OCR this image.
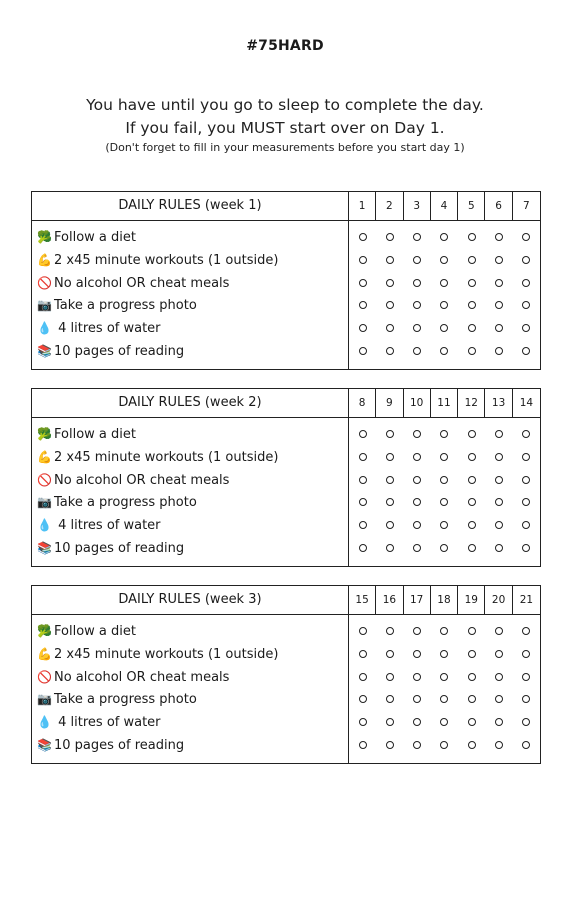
#75HARD
You have until you go to sleep to complete the day.
If you fail, you MUST start over on Day 1.
(Don't forget to fill in your measurements before you start day 1)
DAILY RULES (week 1)	1	2	3	4	5	6	7
🥦 Follow a diet
💪 2 x45 minute workouts (1 outside)
🚫 No alcohol OR cheat meals
📷 Take a progress photo
💧 4 litres of water
📚 10 pages of reading
DAILY RULES (week 2)	8	9	10	11	12	13	14
🥦 Follow a diet
💪 2 x45 minute workouts (1 outside)
🚫 No alcohol OR cheat meals
📷 Take a progress photo
💧 4 litres of water
📚 10 pages of reading
DAILY RULES (week 3)	15	16	17	18	19	20	21
🥦 Follow a diet
💪 2 x45 minute workouts (1 outside)
🚫 No alcohol OR cheat meals
📷 Take a progress photo
💧 4 litres of water
📚 10 pages of reading
